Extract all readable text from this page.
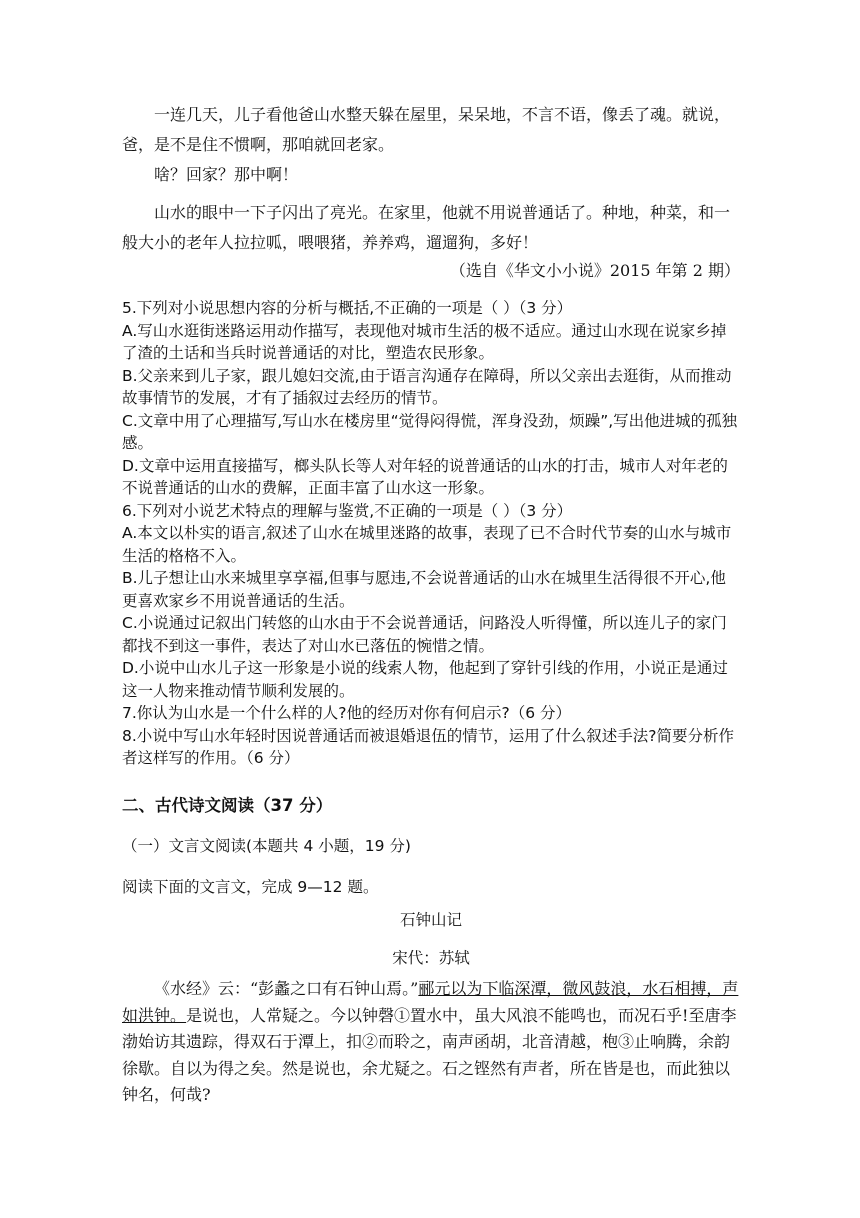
一连几天，儿子看他爸山水整天躲在屋里，呆呆地，不言不语，像丢了魂。就说，爸，是不是住不惯啊，那咱就回老家。

啥？回家？那中啊！

山水的眼中一下子闪出了亮光。在家里，他就不用说普通话了。种地，种菜，和一般大小的老年人拉拉呱，喂喂猪，养养鸡，遛遛狗，多好！

（选自《华文小小说》2015 年第 2 期）

5.下列对小说思想内容的分析与概括,不正确的一项是（ ）（3 分）
A.写山水逛街迷路运用动作描写，表现他对城市生活的极不适应。通过山水现在说家乡掉了渣的土话和当兵时说普通话的对比，塑造农民形象。
B.父亲来到儿子家，跟儿媳妇交流,由于语言沟通存在障碍，所以父亲出去逛街，从而推动故事情节的发展，才有了插叙过去经历的情节。
C.文章中用了心理描写,写山水在楼房里“觉得闷得慌，浑身没劲，烦躁”,写出他进城的孤独感。
D.文章中运用直接描写，榔头队长等人对年轻的说普通话的山水的打击，城市人对年老的不说普通话的山水的费解，正面丰富了山水这一形象。
6.下列对小说艺术特点的理解与鉴赏,不正确的一项是（ ）（3 分）
A.本文以朴实的语言,叙述了山水在城里迷路的故事，表现了已不合时代节奏的山水与城市生活的格格不入。
B.儿子想让山水来城里享享福,但事与愿违,不会说普通话的山水在城里生活得很不开心,他更喜欢家乡不用说普通话的生活。
C.小说通过记叙出门转悠的山水由于不会说普通话，问路没人听得懂，所以连儿子的家门都找不到这一事件，表达了对山水已落伍的惋惜之情。
D.小说中山水儿子这一形象是小说的线索人物，他起到了穿针引线的作用，小说正是通过这一人物来推动情节顺利发展的。
7.你认为山水是一个什么样的人?他的经历对你有何启示?（6 分）
8.小说中写山水年轻时因说普通话而被退婚退伍的情节，运用了什么叙述手法?简要分析作者这样写的作用。（6 分）

二、古代诗文阅读（37 分）

（一）文言文阅读(本题共 4 小题，19 分)

阅读下面的文言文，完成 9—12 题。

石钟山记

宋代：苏轼

《水经》云：“彭蠡之口有石钟山焉。”郦元以为下临深潭，微风鼓浪，水石相搏，声如洪钟。是说也，人常疑之。今以钟磬①置水中，虽大风浪不能鸣也，而况石乎!至唐李渤始访其遗踪，得双石于潭上，扣②而聆之，南声函胡，北音清越，枹③止响腾，余韵徐歇。自以为得之矣。然是说也，余尤疑之。石之铿然有声者，所在皆是也，而此独以钟名，何哉?
